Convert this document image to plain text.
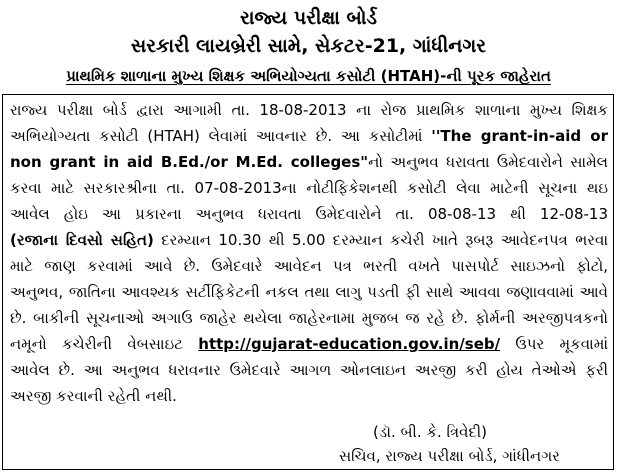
રાજ્ય પરીક્ષા બોર્ડ
સરકારી લાયબ્રેરી સામે, સેકટર-21, ગાંધીનગર
પ્રાથમિક શાળાના મુખ્ય શિક્ષક અભિયોગ્યતા કસોટી (HTAH)-ની પૂરક જાહેરાત
રાજ્ય પરીક્ષા બોર્ડ દ્વારા આગામી તા. 18-08-2013 ના રોજ પ્રાથમિક શાળાના મુખ્ય શિક્ષક
અભિયોગ્યતા કસોટી (HTAH) લેવામાં આવનાર છે. આ કસોટીમાં ''The grant-in-aid or
non grant in aid B.Ed./or M.Ed. colleges"નો અનુભવ ધરાવતા ઉમેદવારોને સામેલ
કરવા માટે સરકારશ્રીના તા. 07-08-2013ના નોટીફિકેશનથી કસોટી લેવા માટેની સૂચના થઇ
આવેલ હોઇ આ પ્રકારના અનુભવ ધરાવતા ઉમેદવારોને તા. 08-08-13 થી 12-08-13
(રજાના દિવસો સહિત) દરમ્યાન 10.30 થી 5.00 દરમ્યાન કચેરી ખાતે રૂબરૂ આવેદનપત્ર ભરવા
માટે જાણ કરવામાં આવે છે. ઉમેદવારે આવેદન પત્ર ભરતી વખતે પાસપોર્ટ સાઇઝનો ફોટો,
અનુભવ, જાતિના આવશ્યક સર્ટીફિકેટની નકલ તથા લાગુ પડતી ફી સાથે આવવા જણાવવામાં આવે
છે. બાકીની સૂચનાઓ અગાઉ જાહેર થયેલા જાહેરનામા મુજબ જ રહે છે. ફોર્મની અરજીપત્રકનો
નમૂનો કચેરીની વેબસાઇટ http://gujarat-education.gov.in/seb/ ઉપર મૂકવામાં
આવેલ છે. આ અનુભવ ધરાવનાર ઉમેદવારે આગળ ઓનલાઇન અરજી કરી હોય તેઓએ ફરી
અરજી કરવાની રહેતી નથી.
(ડૉ. બી. કે. ત્રિવેદી)
સચિવ, રાજ્ય પરીક્ષા બોર્ડ, ગાંધીનગર
